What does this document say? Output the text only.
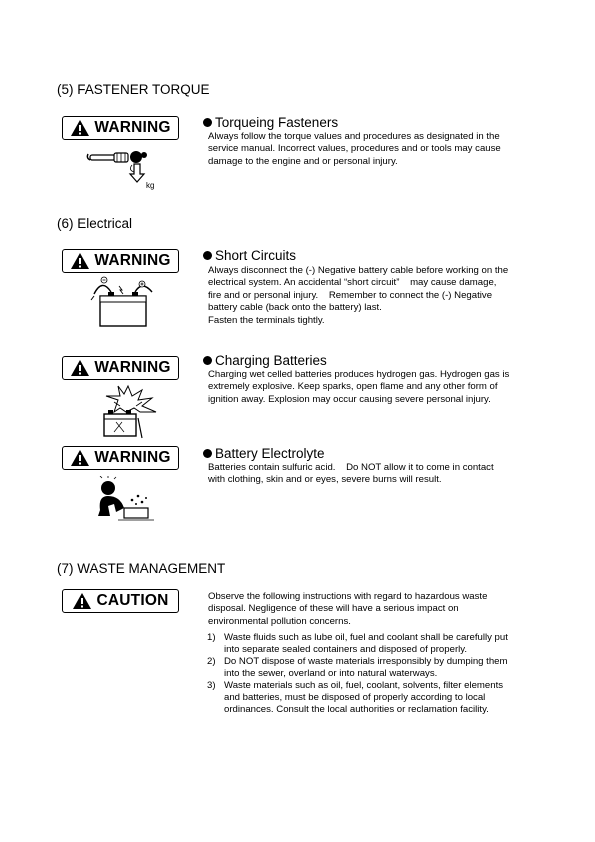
(5) FASTENER TORQUE
WARNING
kg
Torqueing Fasteners
Always follow the torque values and procedures as designated in the
service manual. Incorrect values, procedures and or tools may cause
damage to the engine and or personal injury.
(6) Electrical
WARNING	Short Circuits
Always disconnect the (-) Negative battery cable before working on the
electrical system. An accidental “short circuit”    may cause damage,
fire and or personal injury.    Remember to connect the (-) Negative
battery cable (back onto the battery) last.
Fasten the terminals tightly.
WARNING	Charging Batteries
Charging wet celled batteries produces hydrogen gas. Hydrogen gas is
extremely explosive. Keep sparks, open flame and any other form of
ignition away. Explosion may occur causing severe personal injury.
WARNING	Battery Electrolyte
Batteries contain sulfuric acid.    Do NOT allow it to come in contact
with clothing, skin and or eyes, severe burns will result.
(7) WASTE MANAGEMENT
CAUTION	Observe the following instructions with regard to hazardous waste
disposal. Negligence of these will have a serious impact on
environmental pollution concerns.
1) Waste fluids such as lube oil, fuel and coolant shall be carefully put
into separate sealed containers and disposed of properly.
2) Do NOT dispose of waste materials irresponsibly by dumping them
into the sewer, overland or into natural waterways.
3) Waste materials such as oil, fuel, coolant, solvents, filter elements
and batteries, must be disposed of properly according to local
ordinances. Consult the local authorities or reclamation facility.
